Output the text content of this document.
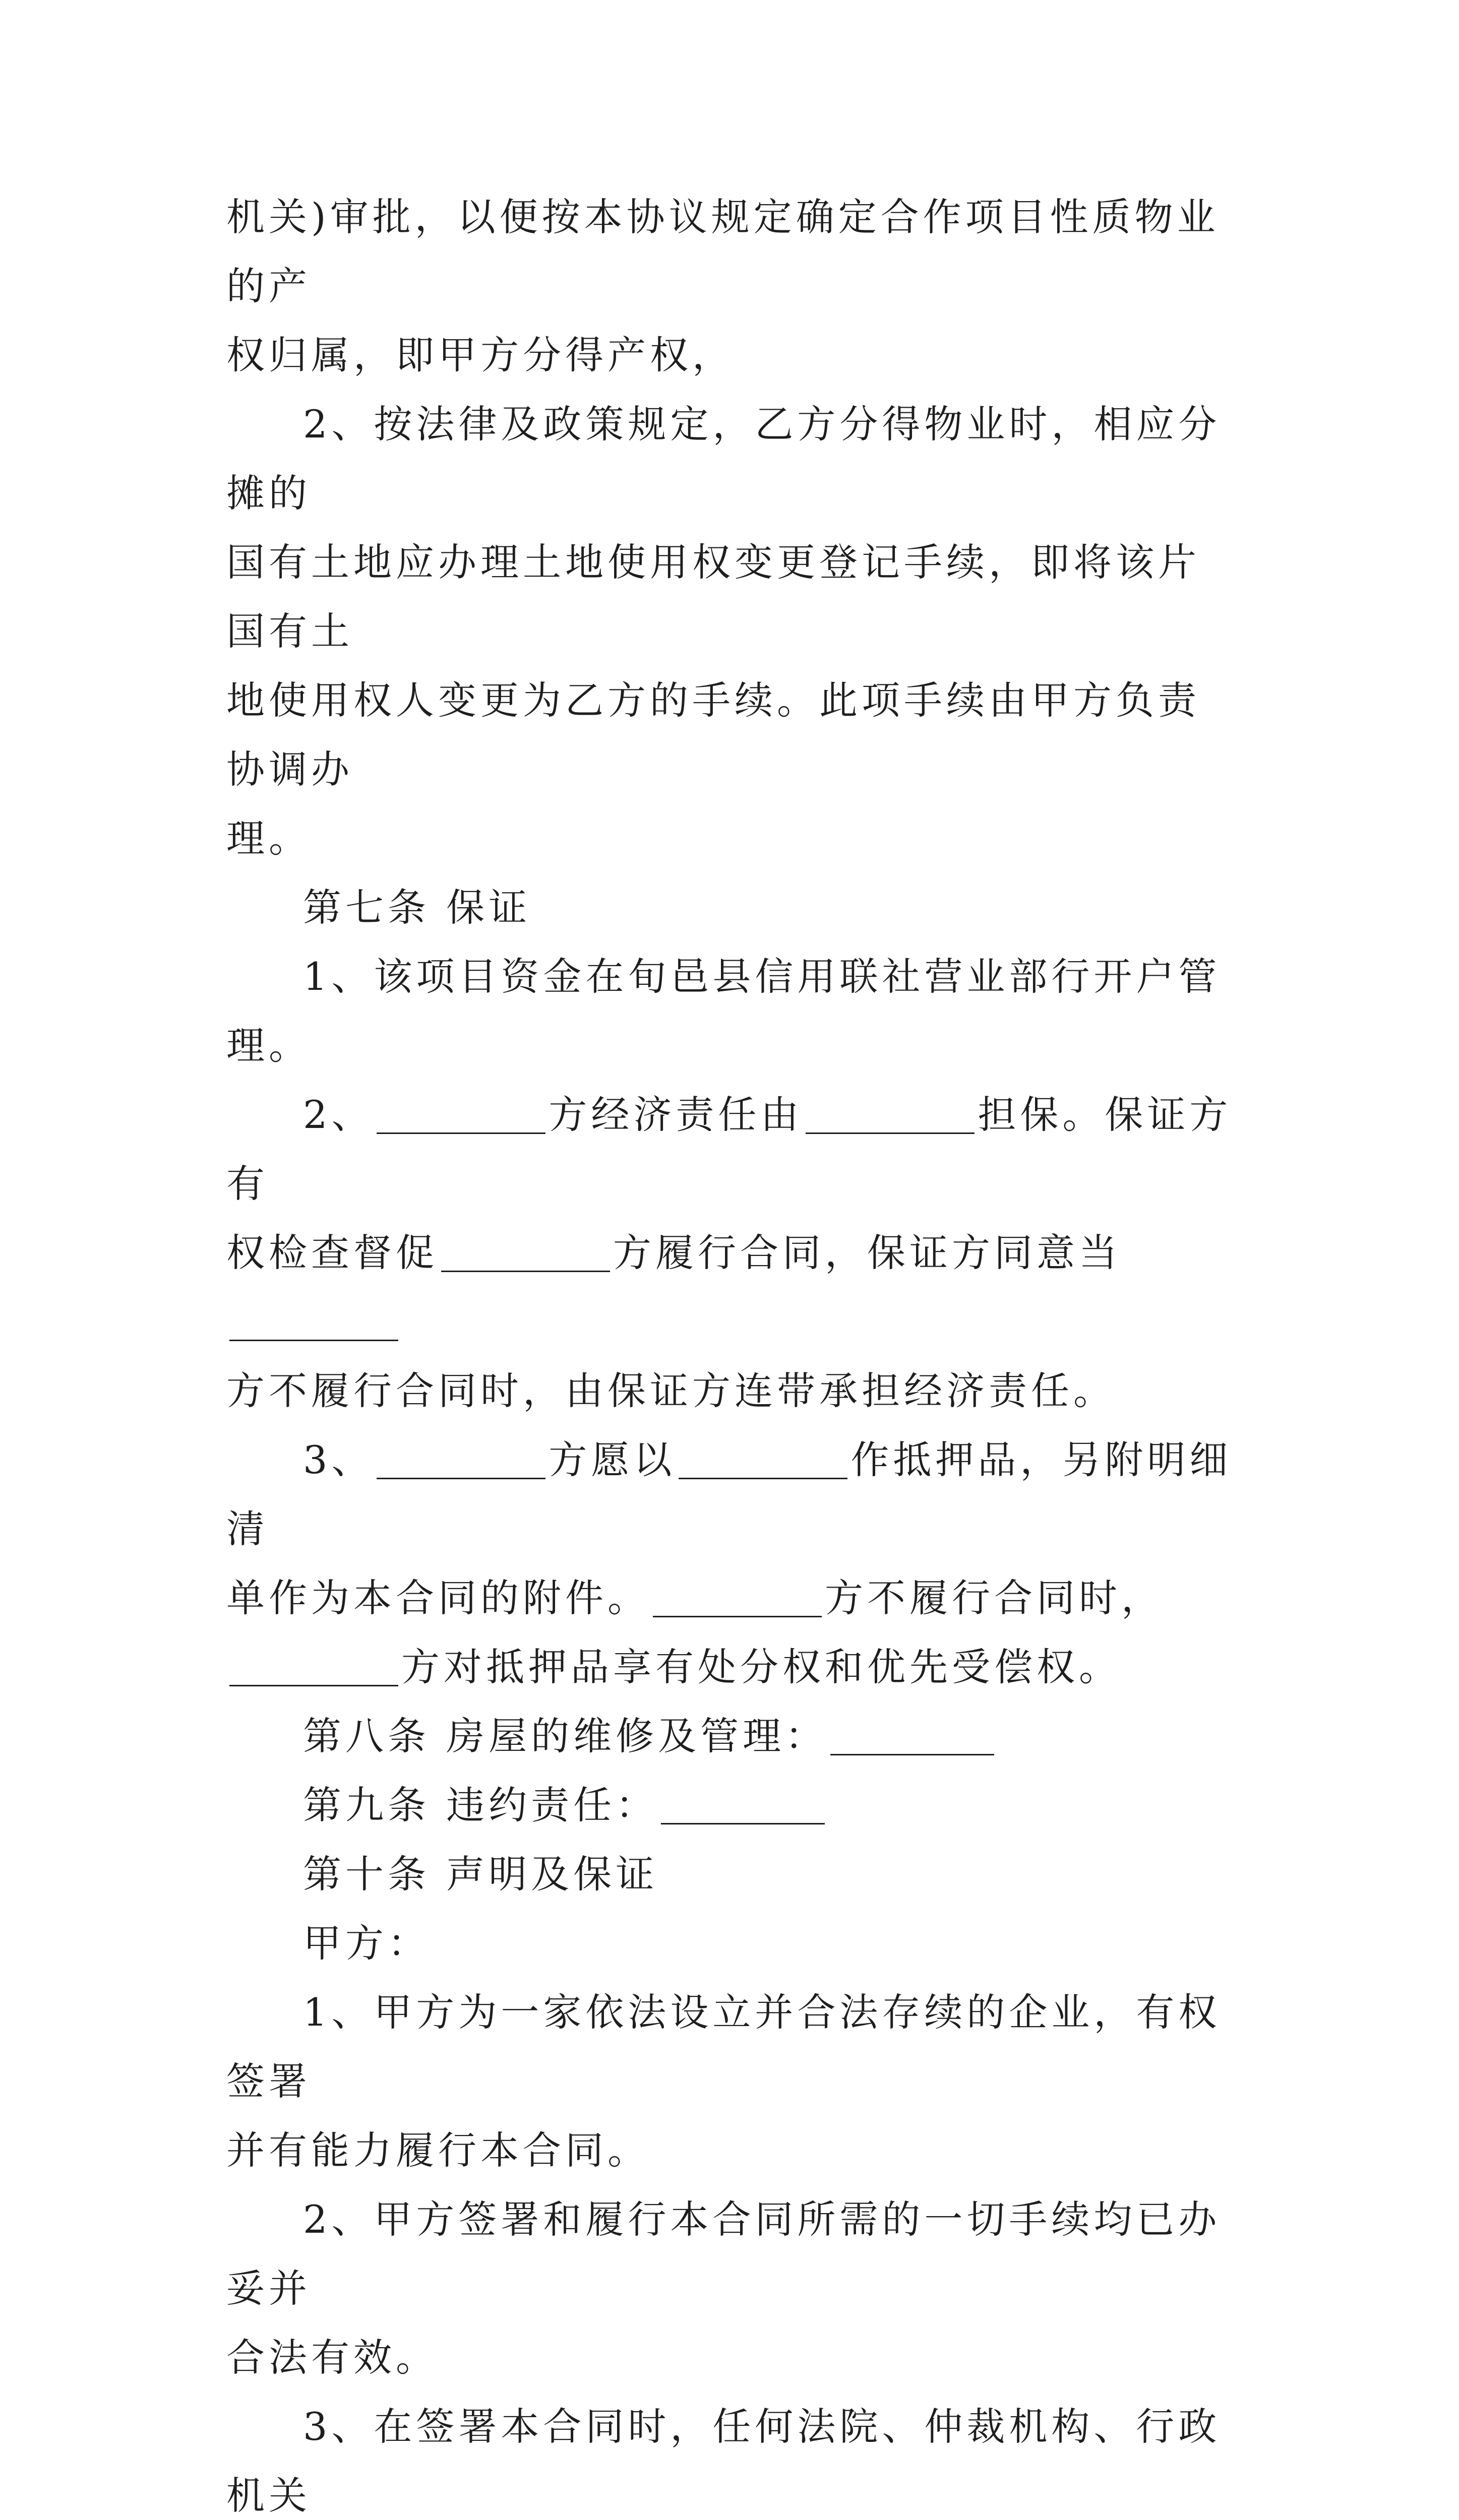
机关)审批，以便按本协议规定确定合作项目性质物业的产

权归属，即甲方分得产权，

2、按法律及政策规定，乙方分得物业时，相应分摊的

国有土地应办理土地使用权变更登记手续，即将该片国有土

地使用权人变更为乙方的手续。此项手续由甲方负责协调办

理。

第七条 保证

1、该项目资金在旬邑县信用联社营业部行开户管理。

2、	方经济责任由	担保。保证方有

权检查督促	方履行合同，保证方同意当

方不履行合同时，由保证方连带承担经济责任。

3、	方愿以	作抵押品，另附明细清

单作为本合同的附件。	方不履行合同时，

方对抵押品享有处分权和优先受偿权。

第八条 房屋的维修及管理：

第九条 违约责任：

第十条 声明及保证

甲方：

1、甲方为一家依法设立并合法存续的企业，有权签署

并有能力履行本合同。

2、甲方签署和履行本合同所需的一切手续均已办妥并

合法有效。

3、在签署本合同时，任何法院、仲裁机构、行政机关
